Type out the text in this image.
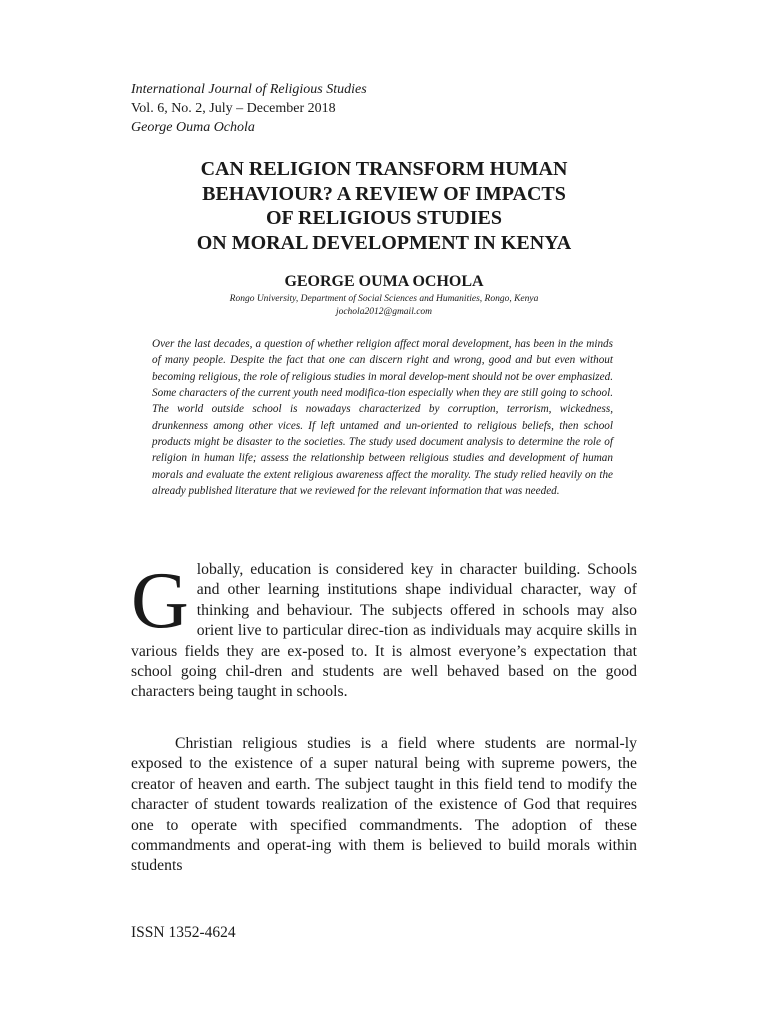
International Journal of Religious Studies
Vol. 6, No. 2, July – December 2018
George Ouma Ochola
CAN RELIGION TRANSFORM HUMAN
BEHAVIOUR? A REVIEW OF IMPACTS
OF RELIGIOUS STUDIES
ON MORAL DEVELOPMENT IN KENYA
GEORGE OUMA OCHOLA
Rongo University, Department of Social Sciences and Humanities, Rongo, Kenya
jochola2012@gmail.com
Over the last decades, a question of whether religion affect moral development, has been in the minds of many people. Despite the fact that one can discern right and wrong, good and but even without becoming religious, the role of religious studies in moral develop-ment should not be over emphasized. Some characters of the current youth need modifica-tion especially when they are still going to school. The world outside school is nowadays characterized by corruption, terrorism, wickedness, drunkenness among other vices. If left untamed and un-oriented to religious beliefs, then school products might be disaster to the societies. The study used document analysis to determine the role of religion in human life; assess the relationship between religious studies and development of human morals and evaluate the extent religious awareness affect the morality. The study relied heavily on the already published literature that we reviewed for the relevant information that was needed.
Globally, education is considered key in character building. Schools and other learning institutions shape individual character, way of thinking and behaviour. The subjects offered in schools may also orient live to particular direc-tion as individuals may acquire skills in various fields they are ex-posed to. It is almost everyone’s expectation that school going chil-dren and students are well behaved based on the good characters being taught in schools.
Christian religious studies is a field where students are normal-ly exposed to the existence of a super natural being with supreme powers, the creator of heaven and earth. The subject taught in this field tend to modify the character of student towards realization of the existence of God that requires one to operate with specified commandments. The adoption of these commandments and operat-ing with them is believed to build morals within students
ISSN 1352-4624
